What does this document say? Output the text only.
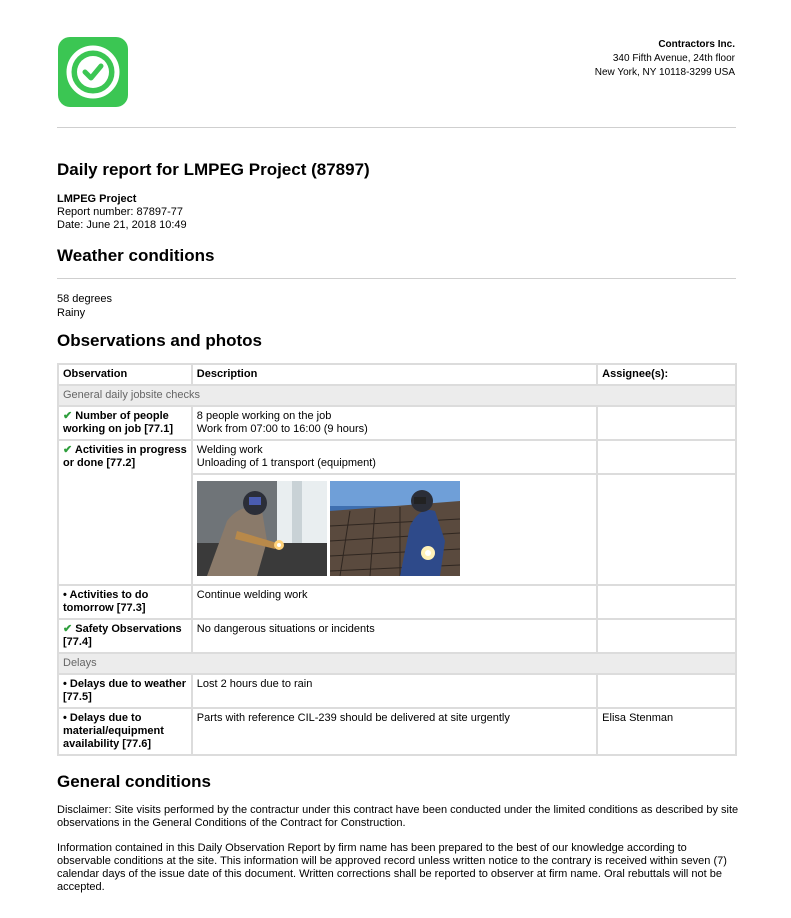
Contractors Inc.
340 Fifth Avenue, 24th floor
New York, NY 10118-3299 USA
Daily report for LMPEG Project (87897)
LMPEG Project
Report number: 87897-77
Date: June 21, 2018 10:49
Weather conditions
58 degrees
Rainy
Observations and photos
Observation	Description	Assignee(s):
General daily jobsite checks		
✔ Number of people working on job [77.1]	8 people working on the job
Work from 07:00 to 16:00 (9 hours)	

✔ Activities in progress or done [77.2]	Welding work
Unloading of 1 transport (equipment)	

• Activities to do tomorrow [77.3]	Continue welding work	
✔ Safety Observations [77.4]	No dangerous situations or incidents	
Delays		
• Delays due to weather [77.5]	Lost 2 hours due to rain	
• Delays due to material/equipment availability [77.6]	Parts with reference CIL-239 should be delivered at site urgently	Elisa Stenman
General conditions

Disclaimer: Site visits performed by the contractur under this contract have been conducted under the limited conditions as described by site observations in the General Conditions of the Contract for Construction.

Information contained in this Daily Observation Report by firm name has been prepared to the best of our knowledge according to observable conditions at the site. This information will be approved record unless written notice to the contrary is received within seven (7) calendar days of the issue date of this document. Written corrections shall be reported to observer at firm name. Oral rebuttals will not be accepted.
